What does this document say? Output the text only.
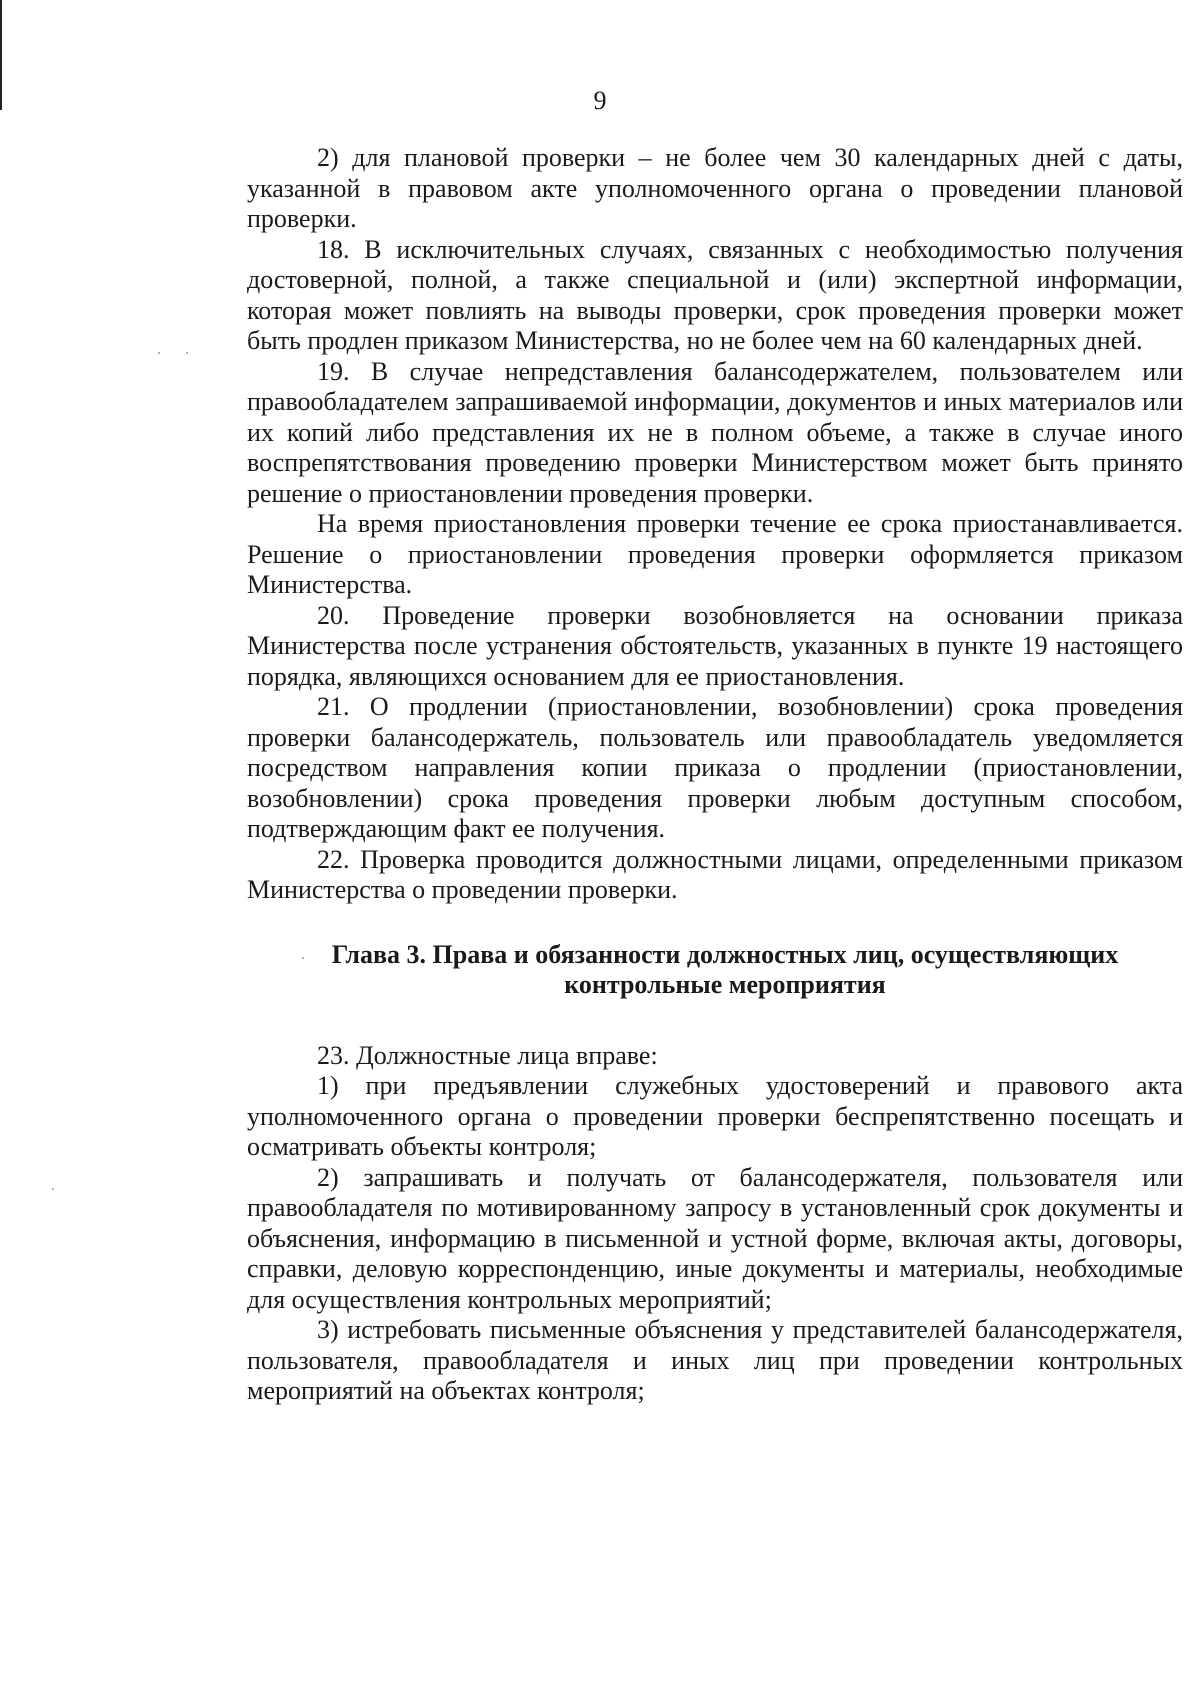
9

2) для плановой проверки – не более чем 30 календарных дней с даты, указанной в правовом акте уполномоченного органа о проведении плановой проверки.

18. В исключительных случаях, связанных с необходимостью получения достоверной, полной, а также специальной и (или) экспертной информации, которая может повлиять на выводы проверки, срок проведения проверки может быть продлен приказом Министерства, но не более чем на 60 календарных дней.

19. В случае непредставления балансодержателем, пользователем или правообладателем запрашиваемой информации, документов и иных материалов или их копий либо представления их не в полном объеме, а также в случае иного воспрепятствования проведению проверки Министерством может быть принято решение о приостановлении проведения проверки.

На время приостановления проверки течение ее срока приостанавливается. Решение о приостановлении проведения проверки оформляется приказом Министерства.

20. Проведение проверки возобновляется на основании приказа Министерства после устранения обстоятельств, указанных в пункте 19 настоящего порядка, являющихся основанием для ее приостановления.

21. О продлении (приостановлении, возобновлении) срока проведения проверки балансодержатель, пользователь или правообладатель уведомляется посредством направления копии приказа о продлении (приостановлении, возобновлении) срока проведения проверки любым доступным способом, подтверждающим факт ее получения.

22. Проверка проводится должностными лицами, определенными приказом Министерства о проведении проверки.

Глава 3. Права и обязанности должностных лиц, осуществляющих
контрольные мероприятия

23. Должностные лица вправе:

1) при предъявлении служебных удостоверений и правового акта уполномоченного органа о проведении проверки беспрепятственно посещать и осматривать объекты контроля;

2) запрашивать и получать от балансодержателя, пользователя или правообладателя по мотивированному запросу в установленный срок документы и объяснения, информацию в письменной и устной форме, включая акты, договоры, справки, деловую корреспонденцию, иные документы и материалы, необходимые для осуществления контрольных мероприятий;

3) истребовать письменные объяснения у представителей балансодержателя, пользователя, правообладателя и иных лиц при проведении контрольных мероприятий на объектах контроля;
